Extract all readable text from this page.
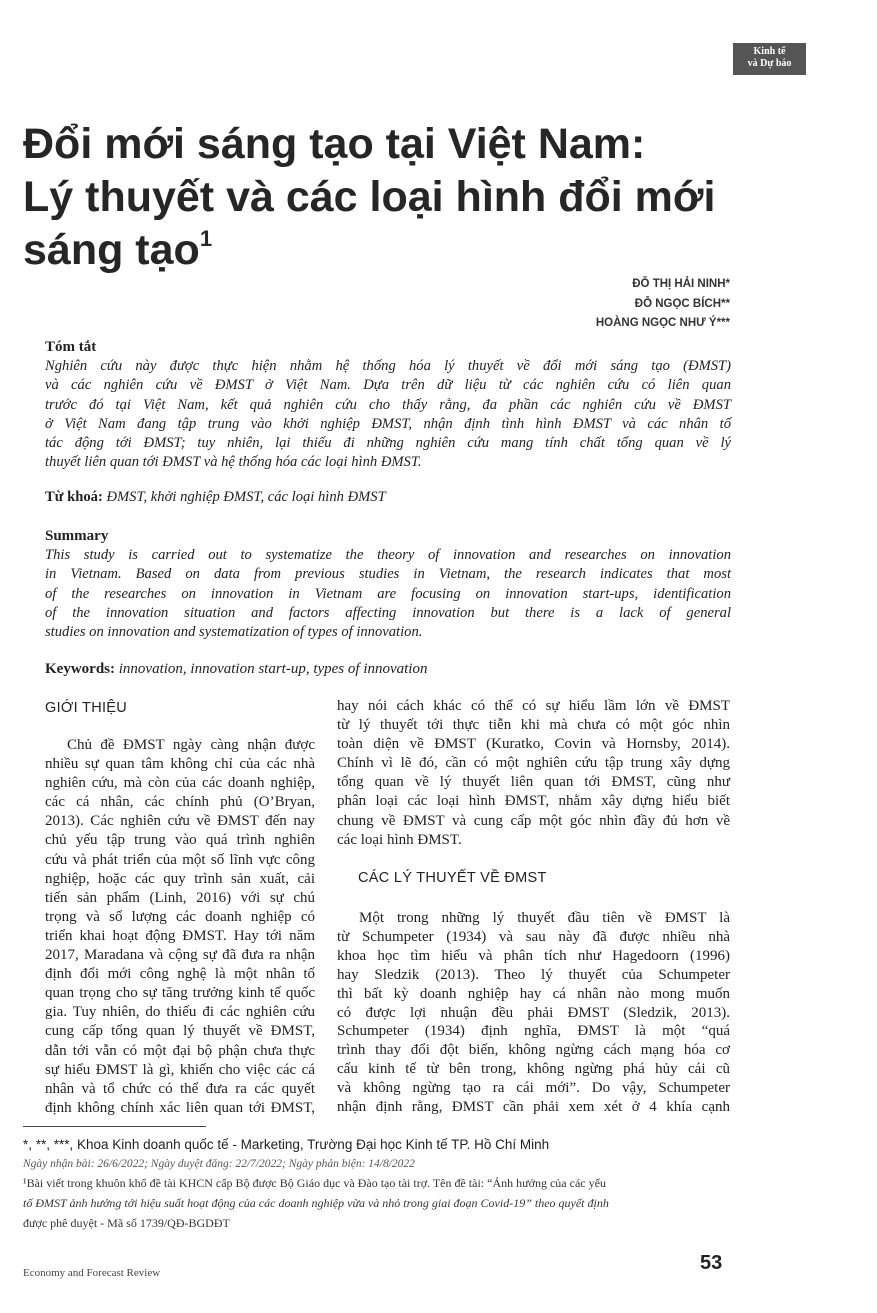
Kinh tế
và Dự báo
Đổi mới sáng tạo tại Việt Nam:
Lý thuyết và các loại hình đổi mới
sáng tạo$^1$
ĐỖ THỊ HẢI NINH*
ĐỖ NGỌC BÍCH**
HOÀNG NGỌC NHƯ Ý***
Tóm tắt
Nghiên cứu này được thực hiện nhằm hệ thống hóa lý thuyết về đổi mới sáng tạo (ĐMST)
và các nghiên cứu về ĐMST ở Việt Nam. Dựa trên dữ liệu từ các nghiên cứu có liên quan
trước đó tại Việt Nam, kết quả nghiên cứu cho thấy rằng, đa phần các nghiên cứu về ĐMST
ở Việt Nam đang tập trung vào khởi nghiệp ĐMST, nhận định tình hình ĐMST và các nhân tố
tác động tới ĐMST; tuy nhiên, lại thiếu đi những nghiên cứu mang tính chất tổng quan về lý
thuyết liên quan tới ĐMST và hệ thống hóa các loại hình ĐMST.
Từ khoá: ĐMST, khởi nghiệp ĐMST, các loại hình ĐMST
Summary
This study is carried out to systematize the theory of innovation and researches on innovation
in Vietnam. Based on data from previous studies in Vietnam, the research indicates that most
of the researches on innovation in Vietnam are focusing on innovation start-ups, identification
of the innovation situation and factors affecting innovation but there is a lack of general
studies on innovation and systematization of types of innovation.
Keywords: innovation, innovation start-up, types of innovation
GIỚI THIỆU
Chủ đề ĐMST ngày càng nhận được
nhiều sự quan tâm không chỉ của các nhà
nghiên cứu, mà còn của các doanh nghiệp,
các cá nhân, các chính phủ (O’Bryan,
2013). Các nghiên cứu về ĐMST đến nay
chủ yếu tập trung vào quá trình nghiên
cứu và phát triển của một số lĩnh vực công
nghiệp, hoặc các quy trình sản xuất, cải
tiến sản phẩm (Linh, 2016) với sự chú
trọng và số lượng các doanh nghiệp có
triển khai hoạt động ĐMST. Hay tới năm
2017, Maradana và cộng sự đã đưa ra nhận
định đổi mới công nghệ là một nhân tố
quan trọng cho sự tăng trưởng kinh tế quốc
gia. Tuy nhiên, do thiếu đi các nghiên cứu
cung cấp tổng quan lý thuyết về ĐMST,
dẫn tới vẫn có một đại bộ phận chưa thực
sự hiểu ĐMST là gì, khiến cho việc các cá
nhân và tổ chức có thể đưa ra các quyết
định không chính xác liên quan tới ĐMST,
hay nói cách khác có thể có sự hiểu lầm lớn về ĐMST
từ lý thuyết tới thực tiễn khi mà chưa có một góc nhìn
toàn diện về ĐMST (Kuratko, Covin và Hornsby, 2014).
Chính vì lẽ đó, cần có một nghiên cứu tập trung xây dựng
tổng quan về lý thuyết liên quan tới ĐMST, cũng như
phân loại các loại hình ĐMST, nhằm xây dựng hiểu biết
chung về ĐMST và cung cấp một góc nhìn đầy đủ hơn về
các loại hình ĐMST.
CÁC LÝ THUYẾT VỀ ĐMST
Một trong những lý thuyết đầu tiên về ĐMST là
từ Schumpeter (1934) và sau này đã được nhiều nhà
khoa học tìm hiểu và phân tích như Hagedoorn (1996)
hay Sledzik (2013). Theo lý thuyết của Schumpeter
thì bất kỳ doanh nghiệp hay cá nhân nào mong muốn
có được lợi nhuận đều phải ĐMST (Sledzik, 2013).
Schumpeter (1934) định nghĩa, ĐMST là một “quá
trình thay đổi đột biến, không ngừng cách mạng hóa cơ
cấu kinh tế từ bên trong, không ngừng phá hủy cái cũ
và không ngừng tạo ra cái mới”. Do vậy, Schumpeter
nhận định rằng, ĐMST cần phải xem xét ở 4 khía cạnh
*, **, ***, Khoa Kinh doanh quốc tế - Marketing, Trường Đại học Kinh tế TP. Hồ Chí Minh
Ngày nhận bài: 26/6/2022; Ngày duyệt đăng: 22/7/2022; Ngày phản biện: 14/8/2022
¹Bài viết trong khuôn khổ đề tài KHCN cấp Bộ được Bộ Giáo dục và Đào tạo tài trợ. Tên đề tài: “Ảnh hưởng của các yếu
tố ĐMST ảnh hưởng tới hiệu suất hoạt động của các doanh nghiệp vừa và nhỏ trong giai đoạn Covid-19” theo quyết định
được phê duyệt - Mã số 1739/QĐ-BGDĐT
Economy and Forecast Review	53
